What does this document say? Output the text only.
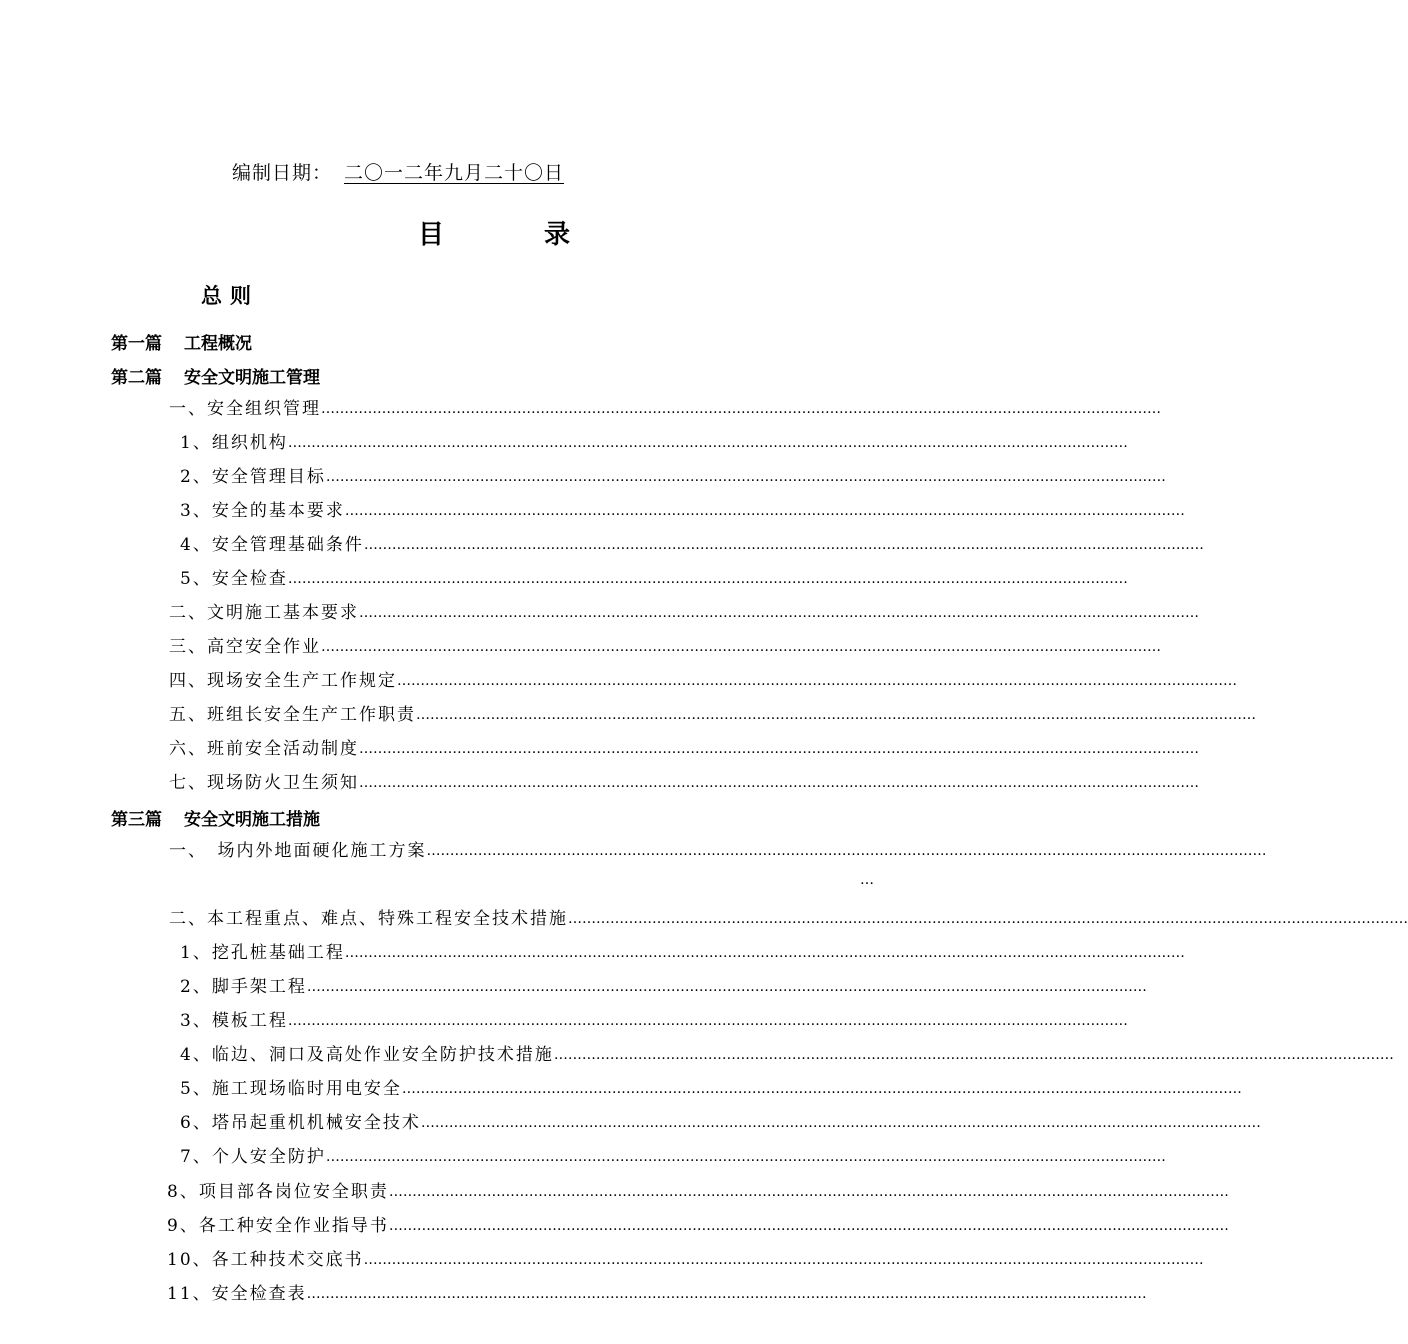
编制日期： 二〇一二年九月二十〇日
目	录
总则
第一篇 工程概况
第二篇 安全文明施工管理
一、安全组织管理 ………………………………………………………………………………………………………………………………………………………………
1、组织机构 ………………………………………………………………………………………………………………………………………………………………
2、安全管理目标 ………………………………………………………………………………………………………………………………………………………………
3、安全的基本要求 ………………………………………………………………………………………………………………………………………………………………
4、安全管理基础条件 ………………………………………………………………………………………………………………………………………………………………
5、安全检查 ………………………………………………………………………………………………………………………………………………………………
二、文明施工基本要求 ………………………………………………………………………………………………………………………………………………………………
三、高空安全作业 ………………………………………………………………………………………………………………………………………………………………
四、现场安全生产工作规定 ………………………………………………………………………………………………………………………………………………………………
五、班组长安全生产工作职责 ………………………………………………………………………………………………………………………………………………………………
六、班前安全活动制度 ………………………………………………………………………………………………………………………………………………………………
七、现场防火卫生须知 ………………………………………………………………………………………………………………………………………………………………
第三篇 安全文明施工措施
一、　场内外地面硬化施工方案 ………………………………………………………………………………………………………………………………………………………………
…
二、本工程重点、难点、特殊工程安全技术措施 ………………………………………………………………………………………………………………………………………………………………
1、挖孔桩基础工程 ………………………………………………………………………………………………………………………………………………………………
2、脚手架工程 ………………………………………………………………………………………………………………………………………………………………
3、模板工程 ………………………………………………………………………………………………………………………………………………………………
4、临边、洞口及高处作业安全防护技术措施 ………………………………………………………………………………………………………………………………………………………………
5、施工现场临时用电安全 ………………………………………………………………………………………………………………………………………………………………
6、塔吊起重机机械安全技术 ………………………………………………………………………………………………………………………………………………………………
7、个人安全防护 ………………………………………………………………………………………………………………………………………………………………
8、项目部各岗位安全职责 ………………………………………………………………………………………………………………………………………………………………
9、各工种安全作业指导书 ………………………………………………………………………………………………………………………………………………………………
10、各工种技术交底书 ………………………………………………………………………………………………………………………………………………………………
11、安全检查表 ………………………………………………………………………………………………………………………………………………………………
